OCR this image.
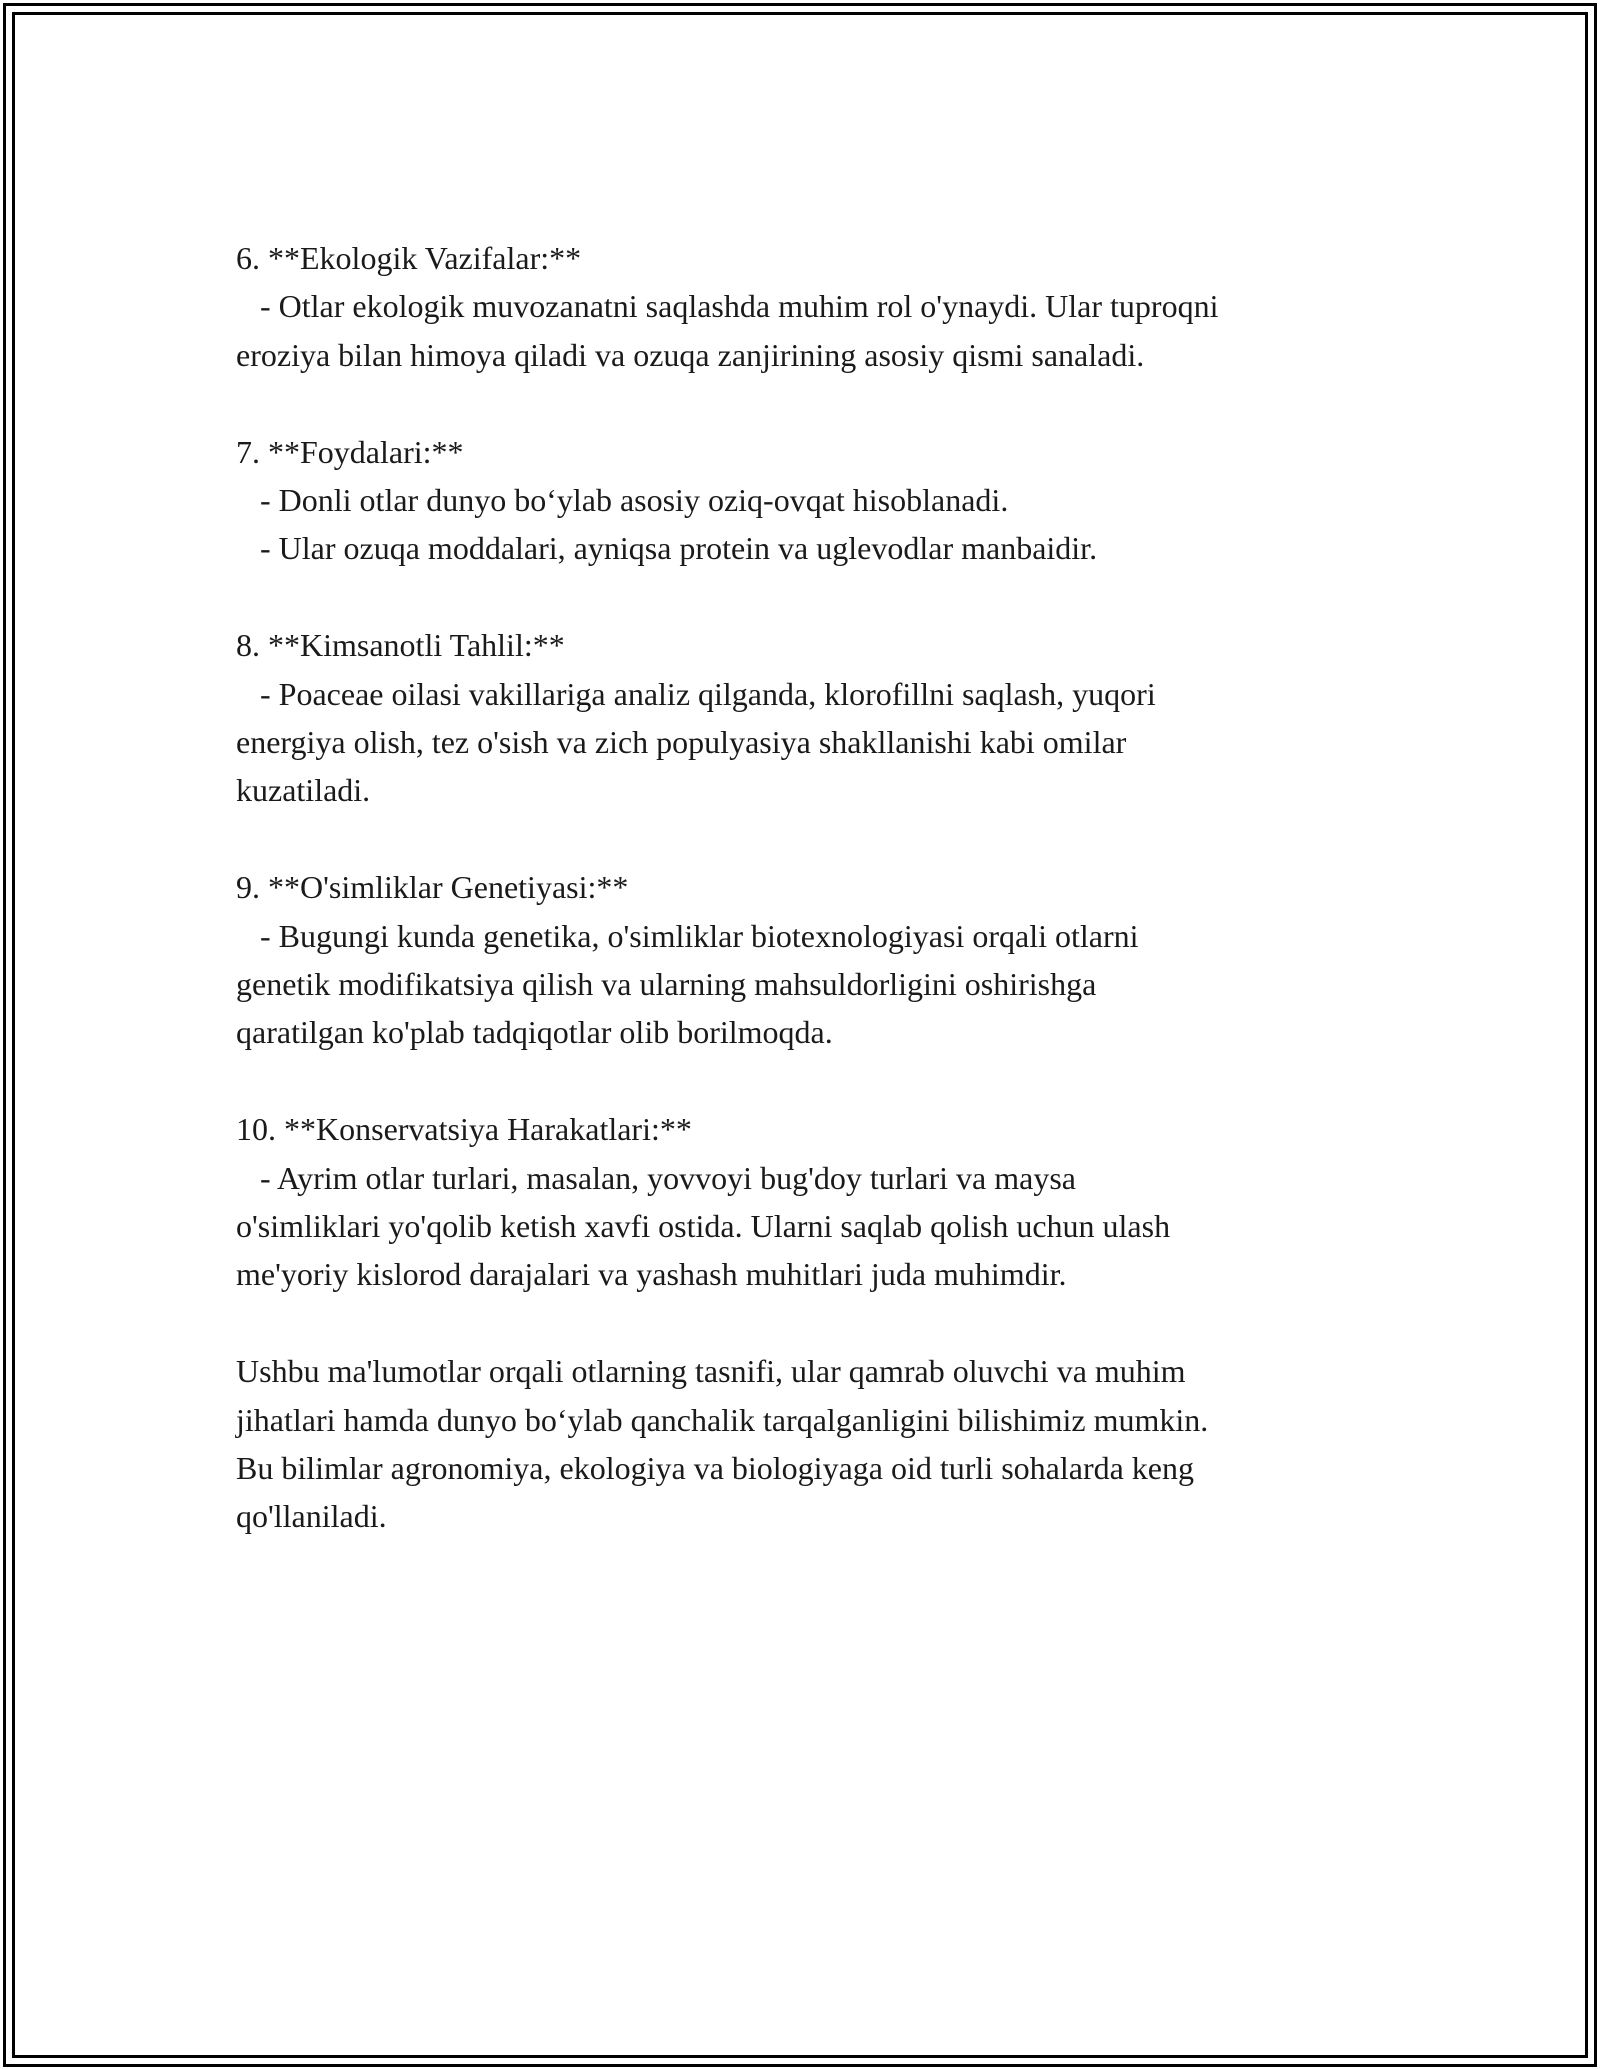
6. **Ekologik Vazifalar:**

- Otlar ekologik muvozanatni saqlashda muhim rol o'ynaydi. Ular tuproqni
eroziya bilan himoya qiladi va ozuqa zanjirining asosiy qismi sanaladi.

7. **Foydalari:**

- Donli otlar dunyo bo‘ylab asosiy oziq-ovqat hisoblanadi.

- Ular ozuqa moddalari, ayniqsa protein va uglevodlar manbaidir.

8. **Kimsanotli Tahlil:**

- Poaceae oilasi vakillariga analiz qilganda, klorofillni saqlash, yuqori
energiya olish, tez o'sish va zich populyasiya shakllanishi kabi omilar
kuzatiladi.

9. **O'simliklar Genetiyasi:**

- Bugungi kunda genetika, o'simliklar biotexnologiyasi orqali otlarni
genetik modifikatsiya qilish va ularning mahsuldorligini oshirishga
qaratilgan ko'plab tadqiqotlar olib borilmoqda.

10. **Konservatsiya Harakatlari:**

- Ayrim otlar turlari, masalan, yovvoyi bug'doy turlari va maysa
o'simliklari yo'qolib ketish xavfi ostida. Ularni saqlab qolish uchun ulash
me'yoriy kislorod darajalari va yashash muhitlari juda muhimdir.

Ushbu ma'lumotlar orqali otlarning tasnifi, ular qamrab oluvchi va muhim
jihatlari hamda dunyo bo‘ylab qanchalik tarqalganligini bilishimiz mumkin.
Bu bilimlar agronomiya, ekologiya va biologiyaga oid turli sohalarda keng
qo'llaniladi.
